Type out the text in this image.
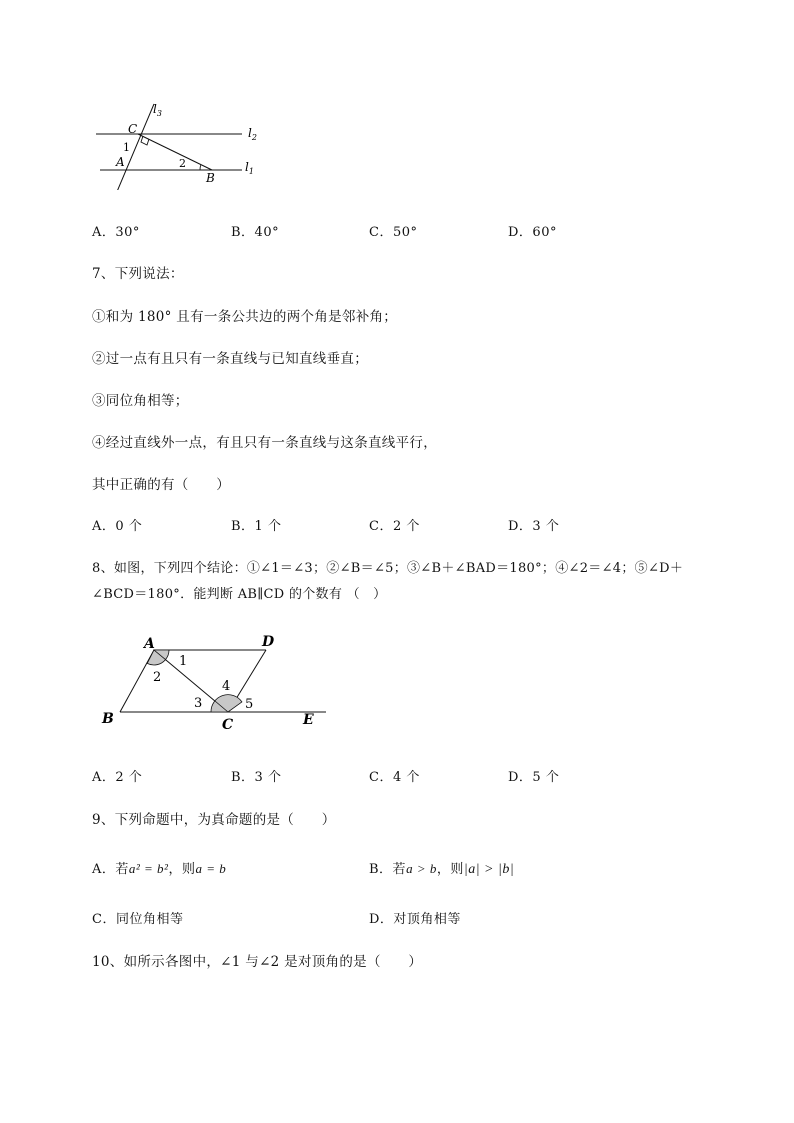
$l_3$
$l_2$
$l_1$
C
1
A	2
B
A．30°	B．40°	C．50°	D．60°
7、下列说法：
①和为 180° 且有一条公共边的两个角是邻补角；
②过一点有且只有一条直线与已知直线垂直；
③同位角相等；
④经过直线外一点，有且只有一条直线与这条直线平行，
其中正确的有（　　）
A．0 个	B．1 个	C．2 个	D．3 个
8、如图，下列四个结论：①∠1＝∠3；②∠B＝∠5；③∠B＋∠BAD＝180°；④∠2＝∠4；⑤∠D＋
∠BCD＝180°．能判断 AB∥CD 的个数有 （　）
A	D
B	C	E
1
2
3
4
5
A．2 个	B．3 个	C．4 个	D．5 个
9、下列命题中，为真命题的是（　　）
A．若a² = b²，则a = b	B．若a > b，则|a| > |b|
C．同位角相等	D．对顶角相等
10、如所示各图中，∠1 与∠2 是对顶角的是（　　）
